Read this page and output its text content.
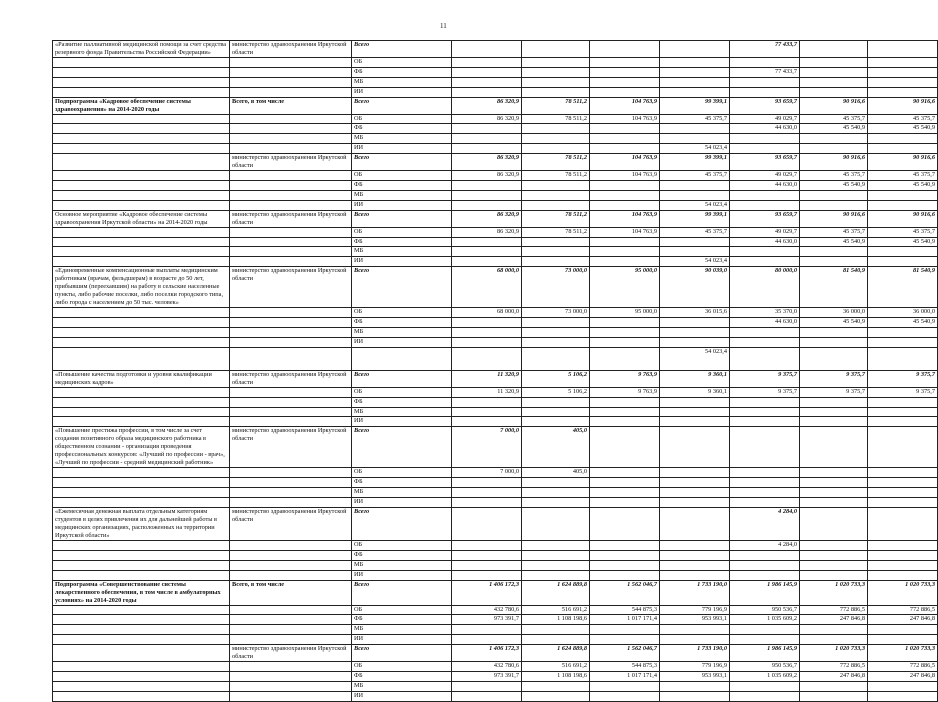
11
«Развитие паллиативной медицинской помощи за счет средства резервного фонда Правительства Российской Федерации»	министерство здравоохранения Иркутской области	Всего					77 433,7		
		ОБ							
		ФБ					77 433,7		
		МБ							
		ИИ							
Подпрограмма «Кадровое обеспечение системы здравоохранения» на 2014-2020 годы	Всего, в том числе	Всего	86 320,9	78 511,2	104 763,9	99 399,1	93 659,7	90 916,6	90 916,6
		ОБ	86 320,9	78 511,2	104 763,9	45 375,7	49 029,7	45 375,7	45 375,7
		ФБ					44 630,0	45 540,9	45 540,9
		МБ							
		ИИ				54 023,4			
	министерство здравоохранения Иркутской области	Всего	86 320,9	78 511,2	104 763,9	99 399,1	93 659,7	90 916,6	90 916,6
		ОБ	86 320,9	78 511,2	104 763,9	45 375,7	49 029,7	45 375,7	45 375,7
		ФБ					44 630,0	45 540,9	45 540,9
		МБ							
		ИИ				54 023,4			
Основное мероприятие «Кадровое обеспечение системы здравоохранения Иркутской области» на 2014-2020 годы	министерство здравоохранения Иркутской области	Всего	86 320,9	78 511,2	104 763,9	99 399,1	93 659,7	90 916,6	90 916,6
		ОБ	86 320,9	78 511,2	104 763,9	45 375,7	49 029,7	45 375,7	45 375,7
		ФБ					44 630,0	45 540,9	45 540,9
		МБ							
		ИИ				54 023,4			
«Единовременные компенсационные выплаты медицинским работникам (врачам, фельдшерам) в возрасте до 50 лет, прибывшим (переехавшим) на работу в сельские населенные пункты, либо рабочие поселки, либо поселки городского типа, либо города с населением до 50 тыс. человек»	министерство здравоохранения Иркутской области	Всего	68 000,0	73 000,0	95 000,0	90 039,0	80 000,0	81 540,9	81 540,9
		ОБ	68 000,0	73 000,0	95 000,0	36 015,6	35 370,0	36 000,0	36 000,0
		ФБ					44 630,0	45 540,9	45 540,9
		МБ							
		ИИ							
						54 023,4			
«Повышение качества подготовки и уровня квалификации медицинских кадров»	министерство здравоохранения Иркутской области	Всего	11 320,9	5 106,2	9 763,9	9 360,1	9 375,7	9 375,7	9 375,7
		ОБ	11 320,9	5 106,2	9 763,9	9 360,1	9 375,7	9 375,7	9 375,7
		ФБ							
		МБ							
		ИИ							
«Повышение престижа профессии, в том числе за счет создания позитивного образа медицинского работника в общественном сознании - организация проведения профессиональных конкурсов: «Лучший по профессии - врач», «Лучший по профессии - средний медицинский работник»	министерство здравоохранения Иркутской области	Всего	7 000,0	405,0					
		ОБ	7 000,0	405,0					
		ФБ							
		МБ							
		ИИ							
«Ежемесячная денежная выплата отдельным категориям студентов в целях привлечения их для дальнейшей работы в медицинских организациях, расположенных на территории Иркутской области»	министерство здравоохранения Иркутской области	Всего					4 284,0		
		ОБ					4 284,0		
		ФБ							
		МБ							
		ИИ							
Подпрограмма «Совершенствование системы лекарственного обеспечения, в том числе в амбулаторных условиях» на 2014-2020 годы	Всего, в том числе	Всего	1 406 172,3	1 624 889,8	1 562 046,7	1 733 190,0	1 986 145,9	1 020 733,3	1 020 733,3
		ОБ	432 780,6	516 691,2	544 875,3	779 196,9	950 536,7	772 886,5	772 886,5
		ФБ	973 391,7	1 108 198,6	1 017 171,4	953 993,1	1 035 609,2	247 846,8	247 846,8
		МБ							
		ИИ							
	министерство здравоохранения Иркутской области	Всего	1 406 172,3	1 624 889,8	1 562 046,7	1 733 190,0	1 986 145,9	1 020 733,3	1 020 733,3
		ОБ	432 780,6	516 691,2	544 875,3	779 196,9	950 536,7	772 886,5	772 886,5
		ФБ	973 391,7	1 108 198,6	1 017 171,4	953 993,1	1 035 609,2	247 846,8	247 846,8
		МБ							
		ИИ							
